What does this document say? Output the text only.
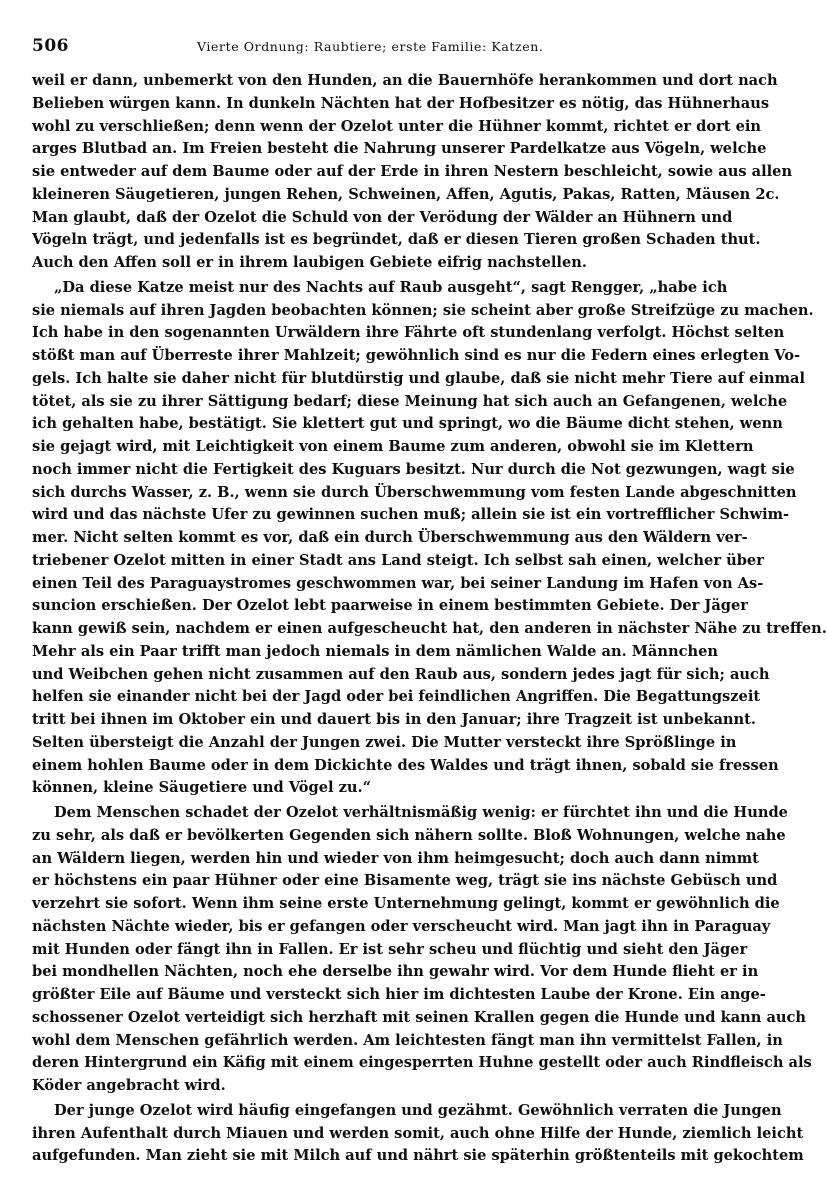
506	Vierte Ordnung: Raubtiere; erste Familie: Katzen.
weil er dann, unbemerkt von den Hunden, an die Bauernhöfe herankommen und dort nach
Belieben würgen kann. In dunkeln Nächten hat der Hofbesitzer es nötig, das Hühnerhaus
wohl zu verschließen; denn wenn der Ozelot unter die Hühner kommt, richtet er dort ein
arges Blutbad an. Im Freien besteht die Nahrung unserer Pardelkatze aus Vögeln, welche
sie entweder auf dem Baume oder auf der Erde in ihren Nestern beschleicht, sowie aus allen
kleineren Säugetieren, jungen Rehen, Schweinen, Affen, Agutis, Pakas, Ratten, Mäusen 2c.
Man glaubt, daß der Ozelot die Schuld von der Verödung der Wälder an Hühnern und
Vögeln trägt, und jedenfalls ist es begründet, daß er diesen Tieren großen Schaden thut.
Auch den Affen soll er in ihrem laubigen Gebiete eifrig nachstellen.
„Da diese Katze meist nur des Nachts auf Raub ausgeht“, sagt Rengger, „habe ich
sie niemals auf ihren Jagden beobachten können; sie scheint aber große Streifzüge zu machen.
Ich habe in den sogenannten Urwäldern ihre Fährte oft stundenlang verfolgt. Höchst selten
stößt man auf Überreste ihrer Mahlzeit; gewöhnlich sind es nur die Federn eines erlegten Vo-
gels. Ich halte sie daher nicht für blutdürstig und glaube, daß sie nicht mehr Tiere auf einmal
tötet, als sie zu ihrer Sättigung bedarf; diese Meinung hat sich auch an Gefangenen, welche
ich gehalten habe, bestätigt. Sie klettert gut und springt, wo die Bäume dicht stehen, wenn
sie gejagt wird, mit Leichtigkeit von einem Baume zum anderen, obwohl sie im Klettern
noch immer nicht die Fertigkeit des Kuguars besitzt. Nur durch die Not gezwungen, wagt sie
sich durchs Wasser, z. B., wenn sie durch Überschwemmung vom festen Lande abgeschnitten
wird und das nächste Ufer zu gewinnen suchen muß; allein sie ist ein vortrefflicher Schwim-
mer. Nicht selten kommt es vor, daß ein durch Überschwemmung aus den Wäldern ver-
triebener Ozelot mitten in einer Stadt ans Land steigt. Ich selbst sah einen, welcher über
einen Teil des Paraguaystromes geschwommen war, bei seiner Landung im Hafen von As-
suncion erschießen. Der Ozelot lebt paarweise in einem bestimmten Gebiete. Der Jäger
kann gewiß sein, nachdem er einen aufgescheucht hat, den anderen in nächster Nähe zu treffen.
Mehr als ein Paar trifft man jedoch niemals in dem nämlichen Walde an. Männchen
und Weibchen gehen nicht zusammen auf den Raub aus, sondern jedes jagt für sich; auch
helfen sie einander nicht bei der Jagd oder bei feindlichen Angriffen. Die Begattungszeit
tritt bei ihnen im Oktober ein und dauert bis in den Januar; ihre Tragzeit ist unbekannt.
Selten übersteigt die Anzahl der Jungen zwei. Die Mutter versteckt ihre Sprößlinge in
einem hohlen Baume oder in dem Dickichte des Waldes und trägt ihnen, sobald sie fressen
können, kleine Säugetiere und Vögel zu.“
Dem Menschen schadet der Ozelot verhältnismäßig wenig: er fürchtet ihn und die Hunde
zu sehr, als daß er bevölkerten Gegenden sich nähern sollte. Bloß Wohnungen, welche nahe
an Wäldern liegen, werden hin und wieder von ihm heimgesucht; doch auch dann nimmt
er höchstens ein paar Hühner oder eine Bisamente weg, trägt sie ins nächste Gebüsch und
verzehrt sie sofort. Wenn ihm seine erste Unternehmung gelingt, kommt er gewöhnlich die
nächsten Nächte wieder, bis er gefangen oder verscheucht wird. Man jagt ihn in Paraguay
mit Hunden oder fängt ihn in Fallen. Er ist sehr scheu und flüchtig und sieht den Jäger
bei mondhellen Nächten, noch ehe derselbe ihn gewahr wird. Vor dem Hunde flieht er in
größter Eile auf Bäume und versteckt sich hier im dichtesten Laube der Krone. Ein ange-
schossener Ozelot verteidigt sich herzhaft mit seinen Krallen gegen die Hunde und kann auch
wohl dem Menschen gefährlich werden. Am leichtesten fängt man ihn vermittelst Fallen, in
deren Hintergrund ein Käfig mit einem eingesperrten Huhne gestellt oder auch Rindfleisch als
Köder angebracht wird.
Der junge Ozelot wird häufig eingefangen und gezähmt. Gewöhnlich verraten die Jungen
ihren Aufenthalt durch Miauen und werden somit, auch ohne Hilfe der Hunde, ziemlich leicht
aufgefunden. Man zieht sie mit Milch auf und nährt sie späterhin größtenteils mit gekochtem
